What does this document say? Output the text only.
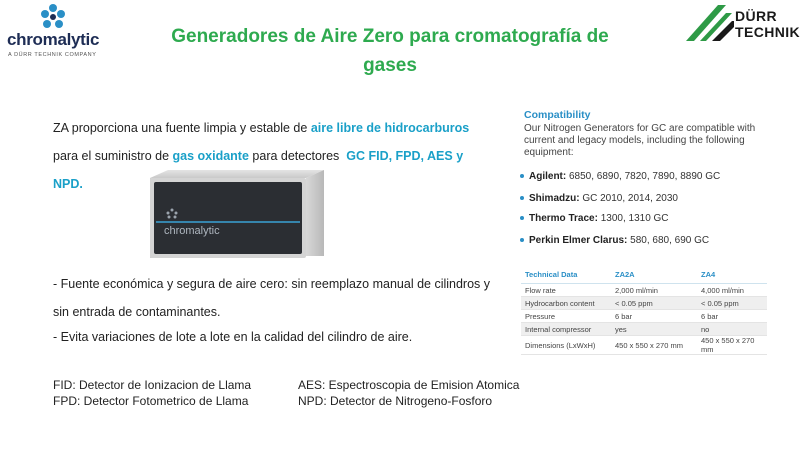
chromalytic
A DÜRR TECHNIK COMPANY
Generadores de Aire Zero para cromatografía de gases
DÜRR
TECHNIK
ZA proporciona una fuente limpia y estable de aire libre de hidrocarburos  para el suministro de gas oxidante para detectores  GC FID, FPD, AES y NPD.
chromalytic
- Fuente económica y segura de aire cero: sin reemplazo manual de cilindros y sin entrada de contaminantes.
- Evita variaciones de lote a lote en la calidad del cilindro de aire.
FID: Detector de Ionizacion de Llama
FPD: Detector Fotometrico de Llama
AES: Espectroscopia de Emision Atomica
NPD: Detector de Nitrogeno-Fosforo
Compatibility
Our Nitrogen Generators for GC are compatible with current and legacy models, including the following equipment:
Agilent: 6850, 6890, 7820, 7890, 8890 GC
Shimadzu: GC 2010, 2014, 2030
Thermo Trace: 1300, 1310 GC
Perkin Elmer Clarus: 580, 680, 690 GC
Technical Data	ZA2A	ZA4
Flow rate	2,000 ml/min	4,000 ml/min
Hydrocarbon content	< 0.05 ppm	< 0.05 ppm
Pressure	6 bar	6 bar
Internal compressor	yes	no
Dimensions (LxWxH)	450 x 550 x 270 mm	450 x 550 x 270 mm
